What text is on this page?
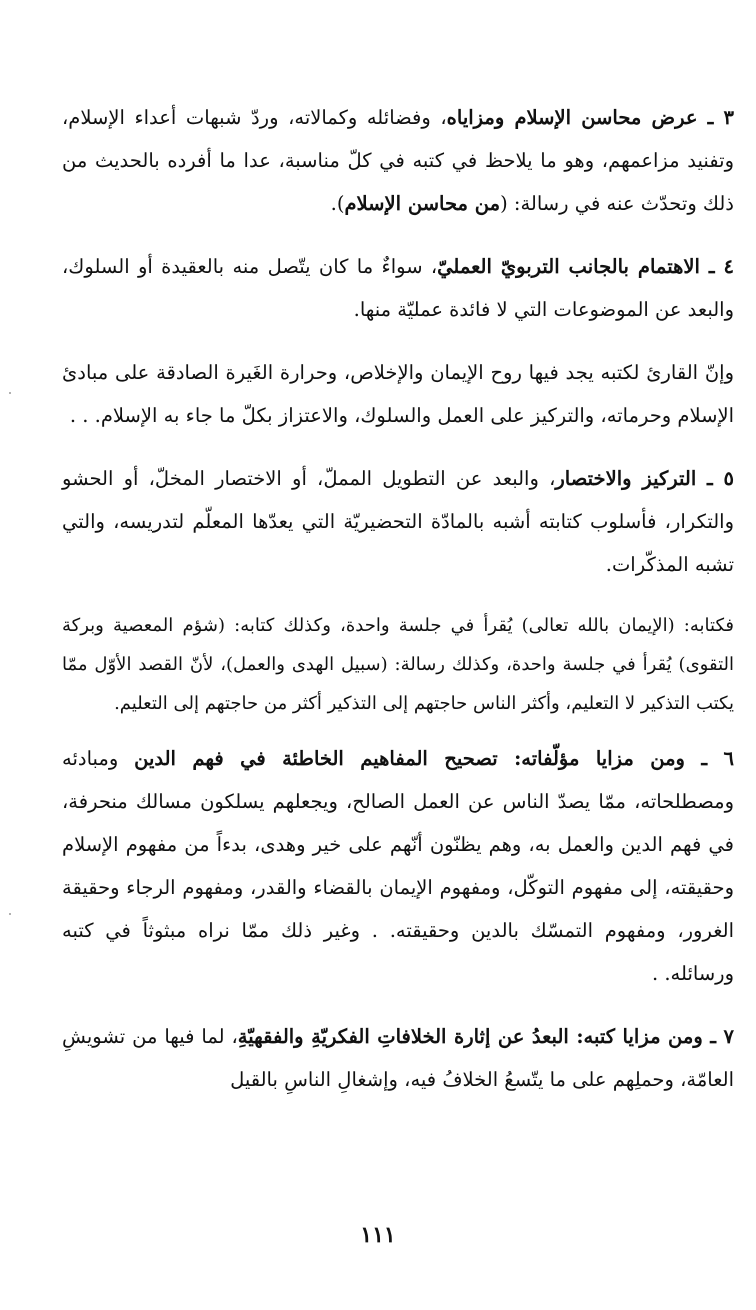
٣ ـ عرض محاسن الإسلام ومزاياه، وفضائله وكمالاته، وردّ شبهات أعداء الإسلام، وتفنيد مزاعمهم، وهو ما يلاحظ في كتبه في كلّ مناسبة، عدا ما أفرده بالحديث من ذلك وتحدّث عنه في رسالة: (من محاسن الإسلام).

٤ ـ الاهتمام بالجانب التربويّ العمليّ، سواءٌ ما كان يتّصل منه بالعقيدة أو السلوك، والبعد عن الموضوعات التي لا فائدة عمليّة منها.

وإنّ القارئ لكتبه يجد فيها روح الإيمان والإخلاص، وحرارة الغَيرة الصادقة على مبادئ الإسلام وحرماته، والتركيز على العمل والسلوك، والاعتزاز بكلّ ما جاء به الإسلام. . .

٥ ـ التركيز والاختصار، والبعد عن التطويل المملّ، أو الاختصار المخلّ، أو الحشو والتكرار، فأسلوب كتابته أشبه بالمادّة التحضيريّة التي يعدّها المعلّم لتدريسه، والتي تشبه المذكّرات.

فكتابه: (الإيمان بالله تعالى) يُقرأ في جلسة واحدة، وكذلك كتابه: (شؤم المعصية وبركة التقوى) يُقرأ في جلسة واحدة، وكذلك رسالة: (سبيل الهدى والعمل)، لأنّ القصد الأوّل ممّا يكتب التذكير لا التعليم، وأكثر الناس حاجتهم إلى التذكير أكثر من حاجتهم إلى التعليم.

٦ ـ ومن مزايا مؤلّفاته: تصحيح المفاهيم الخاطئة في فهم الدين ومبادئه ومصطلحاته، ممّا يصدّ الناس عن العمل الصالح، ويجعلهم يسلكون مسالك منحرفة، في فهم الدين والعمل به، وهم يظنّون أنّهم على خير وهدى، بدءاً من مفهوم الإسلام وحقيقته، إلى مفهوم التوكّل، ومفهوم الإيمان بالقضاء والقدر، ومفهوم الرجاء وحقيقة الغرور، ومفهوم التمسّك بالدين وحقيقته. . وغير ذلك ممّا نراه مبثوثاً في كتبه ورسائله. .

٧ ـ ومن مزايا كتبه: البعدُ عن إثارة الخلافاتِ الفكريّةِ والفقهيّةِ، لما فيها من تشويشِ العامّة، وحملِهم على ما يتّسعُ الخلافُ فيه، وإشغالِ الناسِ بالقيل

١١١
